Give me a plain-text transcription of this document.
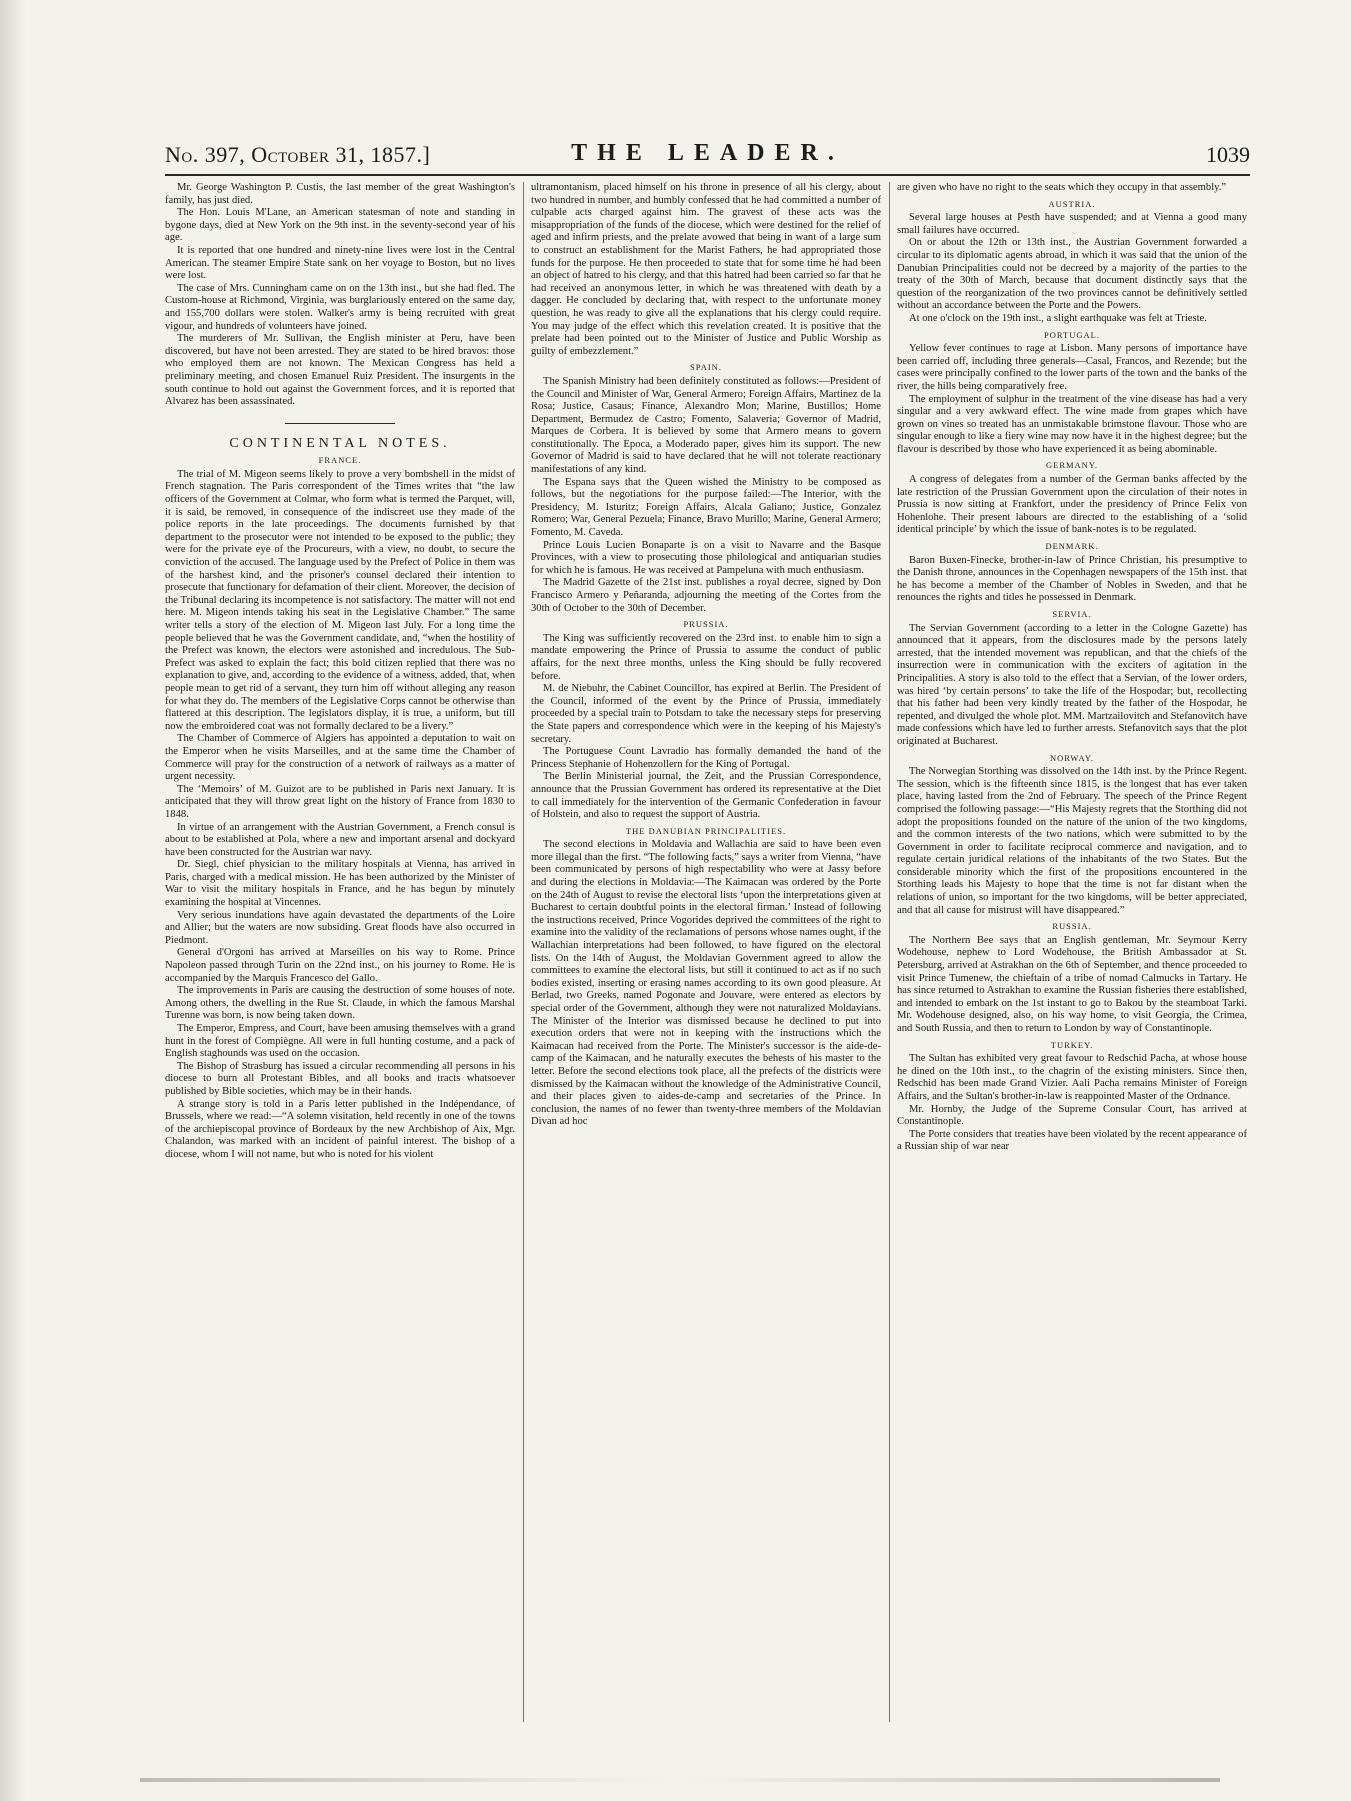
No. 397, October 31, 1857.]	THE LEADER.	1039

Mr. George Washington P. Custis, the last member of the great Washington's family, has just died.

The Hon. Louis M'Lane, an American statesman of note and standing in bygone days, died at New York on the 9th inst. in the seventy-second year of his age.

It is reported that one hundred and ninety-nine lives were lost in the Central American. The steamer Empire State sank on her voyage to Boston, but no lives were lost.

The case of Mrs. Cunningham came on on the 13th inst., but she had fled. The Custom-house at Richmond, Virginia, was burglariously entered on the same day, and 155,700 dollars were stolen. Walker's army is being recruited with great vigour, and hundreds of volunteers have joined.

The murderers of Mr. Sullivan, the English minister at Peru, have been discovered, but have not been arrested. They are stated to be hired bravos: those who employed them are not known. The Mexican Congress has held a preliminary meeting, and chosen Emanuel Ruiz President. The insurgents in the south continue to hold out against the Government forces, and it is reported that Alvarez has been assassinated.

CONTINENTAL NOTES.
FRANCE.

The trial of M. Migeon seems likely to prove a very bombshell in the midst of French stagnation. The Paris correspondent of the Times writes that “the law officers of the Government at Colmar, who form what is termed the Parquet, will, it is said, be removed, in consequence of the indiscreet use they made of the police reports in the late proceedings. The documents furnished by that department to the prosecutor were not intended to be exposed to the public; they were for the private eye of the Procureurs, with a view, no doubt, to secure the conviction of the accused. The language used by the Prefect of Police in them was of the harshest kind, and the prisoner's counsel declared their intention to prosecute that functionary for defamation of their client. Moreover, the decision of the Tribunal declaring its incompetence is not satisfactory. The matter will not end here. M. Migeon intends taking his seat in the Legislative Chamber.” The same writer tells a story of the election of M. Migeon last July. For a long time the people believed that he was the Government candidate, and, “when the hostility of the Prefect was known, the electors were astonished and incredulous. The Sub-Prefect was asked to explain the fact; this bold citizen replied that there was no explanation to give, and, according to the evidence of a witness, added, that, when people mean to get rid of a servant, they turn him off without alleging any reason for what they do. The members of the Legislative Corps cannot be otherwise than flattered at this description. The legislators display, it is true, a uniform, but till now the embroidered coat was not formally declared to be a livery.”

The Chamber of Commerce of Algiers has appointed a deputation to wait on the Emperor when he visits Marseilles, and at the same time the Chamber of Commerce will pray for the construction of a network of railways as a matter of urgent necessity.

The ‘Memoirs’ of M. Guizot are to be published in Paris next January. It is anticipated that they will throw great light on the history of France from 1830 to 1848.

In virtue of an arrangement with the Austrian Government, a French consul is about to be established at Pola, where a new and important arsenal and dockyard have been constructed for the Austrian war navy.

Dr. Siegl, chief physician to the military hospitals at Vienna, has arrived in Paris, charged with a medical mission. He has been authorized by the Minister of War to visit the military hospitals in France, and he has begun by minutely examining the hospital at Vincennes.

Very serious inundations have again devastated the departments of the Loire and Allier; but the waters are now subsiding. Great floods have also occurred in Piedmont.

General d'Orgoni has arrived at Marseilles on his way to Rome. Prince Napoleon passed through Turin on the 22nd inst., on his journey to Rome. He is accompanied by the Marquis Francesco del Gallo.

The improvements in Paris are causing the destruction of some houses of note. Among others, the dwelling in the Rue St. Claude, in which the famous Marshal Turenne was born, is now being taken down.

The Emperor, Empress, and Court, have been amusing themselves with a grand hunt in the forest of Compiègne. All were in full hunting costume, and a pack of English staghounds was used on the occasion.

The Bishop of Strasburg has issued a circular recommending all persons in his diocese to burn all Protestant Bibles, and all books and tracts whatsoever published by Bible societies, which may be in their hands.

A strange story is told in a Paris letter published in the Indépendance, of Brussels, where we read:—“A solemn visitation, held recently in one of the towns of the archiepiscopal province of Bordeaux by the new Archbishop of Aix, Mgr. Chalandon, was marked with an incident of painful interest. The bishop of a diocese, whom I will not name, but who is noted for his violent

ultramontanism, placed himself on his throne in presence of all his clergy, about two hundred in number, and humbly confessed that he had committed a number of culpable acts charged against him. The gravest of these acts was the misappropriation of the funds of the diocese, which were destined for the relief of aged and infirm priests, and the prelate avowed that being in want of a large sum to construct an establishment for the Marist Fathers, he had appropriated those funds for the purpose. He then proceeded to state that for some time he had been an object of hatred to his clergy, and that this hatred had been carried so far that he had received an anonymous letter, in which he was threatened with death by a dagger. He concluded by declaring that, with respect to the unfortunate money question, he was ready to give all the explanations that his clergy could require. You may judge of the effect which this revelation created. It is positive that the prelate had been pointed out to the Minister of Justice and Public Worship as guilty of embezzlement.”

SPAIN.

The Spanish Ministry had been definitely constituted as follows:—President of the Council and Minister of War, General Armero; Foreign Affairs, Martinez de la Rosa; Justice, Casaus; Finance, Alexandro Mon; Marine, Bustillos; Home Department, Bermudez de Castro; Fomento, Salaveria; Governor of Madrid, Marques de Corbera. It is believed by some that Armero means to govern constitutionally. The Epoca, a Moderado paper, gives him its support. The new Governor of Madrid is said to have declared that he will not tolerate reactionary manifestations of any kind.

The Espana says that the Queen wished the Ministry to be composed as follows, but the negotiations for the purpose failed:—The Interior, with the Presidency, M. Isturitz; Foreign Affairs, Alcala Galiano; Justice, Gonzalez Romero; War, General Pezuela; Finance, Bravo Murillo; Marine, General Armero; Fomento, M. Caveda.

Prince Louis Lucien Bonaparte is on a visit to Navarre and the Basque Provinces, with a view to prosecuting those philological and antiquarian studies for which he is famous. He was received at Pampeluna with much enthusiasm.

The Madrid Gazette of the 21st inst. publishes a royal decree, signed by Don Francisco Armero y Peñaranda, adjourning the meeting of the Cortes from the 30th of October to the 30th of December.

PRUSSIA.

The King was sufficiently recovered on the 23rd inst. to enable him to sign a mandate empowering the Prince of Prussia to assume the conduct of public affairs, for the next three months, unless the King should be fully recovered before.

M. de Niebuhr, the Cabinet Councillor, has expired at Berlin. The President of the Council, informed of the event by the Prince of Prussia, immediately proceeded by a special train to Potsdam to take the necessary steps for preserving the State papers and correspondence which were in the keeping of his Majesty's secretary.

The Portuguese Count Lavradio has formally demanded the hand of the Princess Stephanie of Hohenzollern for the King of Portugal.

The Berlin Ministerial journal, the Zeit, and the Prussian Correspondence, announce that the Prussian Government has ordered its representative at the Diet to call immediately for the intervention of the Germanic Confederation in favour of Holstein, and also to request the support of Austria.

THE DANUBIAN PRINCIPALITIES.

The second elections in Moldavia and Wallachia are said to have been even more illegal than the first. “The following facts,” says a writer from Vienna, “have been communicated by persons of high respectability who were at Jassy before and during the elections in Moldavia:—The Kaimacan was ordered by the Porte on the 24th of August to revise the electoral lists ‘upon the interpretations given at Bucharest to certain doubtful points in the electoral firman.’ Instead of following the instructions received, Prince Vogorides deprived the committees of the right to examine into the validity of the reclamations of persons whose names ought, if the Wallachian interpretations had been followed, to have figured on the electoral lists. On the 14th of August, the Moldavian Government agreed to allow the committees to examine the electoral lists, but still it continued to act as if no such bodies existed, inserting or erasing names according to its own good pleasure. At Berlad, two Greeks, named Pogonate and Jouvare, were entered as electors by special order of the Government, although they were not naturalized Moldavians. The Minister of the Interior was dismissed because he declined to put into execution orders that were not in keeping with the instructions which the Kaimacan had received from the Porte. The Minister's successor is the aide-de-camp of the Kaimacan, and he naturally executes the behests of his master to the letter. Before the second elections took place, all the prefects of the districts were dismissed by the Kaimacan without the knowledge of the Administrative Council, and their places given to aides-de-camp and secretaries of the Prince. In conclusion, the names of no fewer than twenty-three members of the Moldavian Divan ad hoc

are given who have no right to the seats which they occupy in that assembly.”

AUSTRIA.

Several large houses at Pesth have suspended; and at Vienna a good many small failures have occurred.

On or about the 12th or 13th inst., the Austrian Government forwarded a circular to its diplomatic agents abroad, in which it was said that the union of the Danubian Principalities could not be decreed by a majority of the parties to the treaty of the 30th of March, because that document distinctly says that the question of the reorganization of the two provinces cannot be definitively settled without an accordance between the Porte and the Powers.

At one o'clock on the 19th inst., a slight earthquake was felt at Trieste.

PORTUGAL.

Yellow fever continues to rage at Lisbon. Many persons of importance have been carried off, including three generals—Casal, Francos, and Rezende; but the cases were principally confined to the lower parts of the town and the banks of the river, the hills being comparatively free.

The employment of sulphur in the treatment of the vine disease has had a very singular and a very awkward effect. The wine made from grapes which have grown on vines so treated has an unmistakable brimstone flavour. Those who are singular enough to like a fiery wine may now have it in the highest degree; but the flavour is described by those who have experienced it as being abominable.

GERMANY.

A congress of delegates from a number of the German banks affected by the late restriction of the Prussian Government upon the circulation of their notes in Prussia is now sitting at Frankfort, under the presidency of Prince Felix von Hohenlohe. Their present labours are directed to the establishing of a ‘solid identical principle’ by which the issue of bank-notes is to be regulated.

DENMARK.

Baron Buxen-Finecke, brother-in-law of Prince Christian, his presumptive to the Danish throne, announces in the Copenhagen newspapers of the 15th inst. that he has become a member of the Chamber of Nobles in Sweden, and that he renounces the rights and titles he possessed in Denmark.

SERVIA.

The Servian Government (according to a letter in the Cologne Gazette) has announced that it appears, from the disclosures made by the persons lately arrested, that the intended movement was republican, and that the chiefs of the insurrection were in communication with the exciters of agitation in the Principalities. A story is also told to the effect that a Servian, of the lower orders, was hired ‘by certain persons’ to take the life of the Hospodar; but, recollecting that his father had been very kindly treated by the father of the Hospodar, he repented, and divulged the whole plot. MM. Martzailovitch and Stefanovitch have made confessions which have led to further arrests. Stefanovitch says that the plot originated at Bucharest.

NORWAY.

The Norwegian Storthing was dissolved on the 14th inst. by the Prince Regent. The session, which is the fifteenth since 1815, is the longest that has ever taken place, having lasted from the 2nd of February. The speech of the Prince Regent comprised the following passage:—“His Majesty regrets that the Storthing did not adopt the propositions founded on the nature of the union of the two kingdoms, and the common interests of the two nations, which were submitted to by the Government in order to facilitate reciprocal commerce and navigation, and to regulate certain juridical relations of the inhabitants of the two States. But the considerable minority which the first of the propositions encountered in the Storthing leads his Majesty to hope that the time is not far distant when the relations of union, so important for the two kingdoms, will be better appreciated, and that all cause for mistrust will have disappeared.”

RUSSIA.

The Northern Bee says that an English gentleman, Mr. Seymour Kerry Wodehouse, nephew to Lord Wodehouse, the British Ambassador at St. Petersburg, arrived at Astrakhan on the 6th of September, and thence proceeded to visit Prince Tumenew, the chieftain of a tribe of nomad Calmucks in Tartary. He has since returned to Astrakhan to examine the Russian fisheries there established, and intended to embark on the 1st instant to go to Bakou by the steamboat Tarki. Mr. Wodehouse designed, also, on his way home, to visit Georgia, the Crimea, and South Russia, and then to return to London by way of Constantinople.

TURKEY.

The Sultan has exhibited very great favour to Redschid Pacha, at whose house he dined on the 10th inst., to the chagrin of the existing ministers. Since then, Redschid has been made Grand Vizier. Aali Pacha remains Minister of Foreign Affairs, and the Sultan's brother-in-law is reappointed Master of the Ordnance.

Mr. Hornby, the Judge of the Supreme Consular Court, has arrived at Constantinople.

The Porte considers that treaties have been violated by the recent appearance of a Russian ship of war near
